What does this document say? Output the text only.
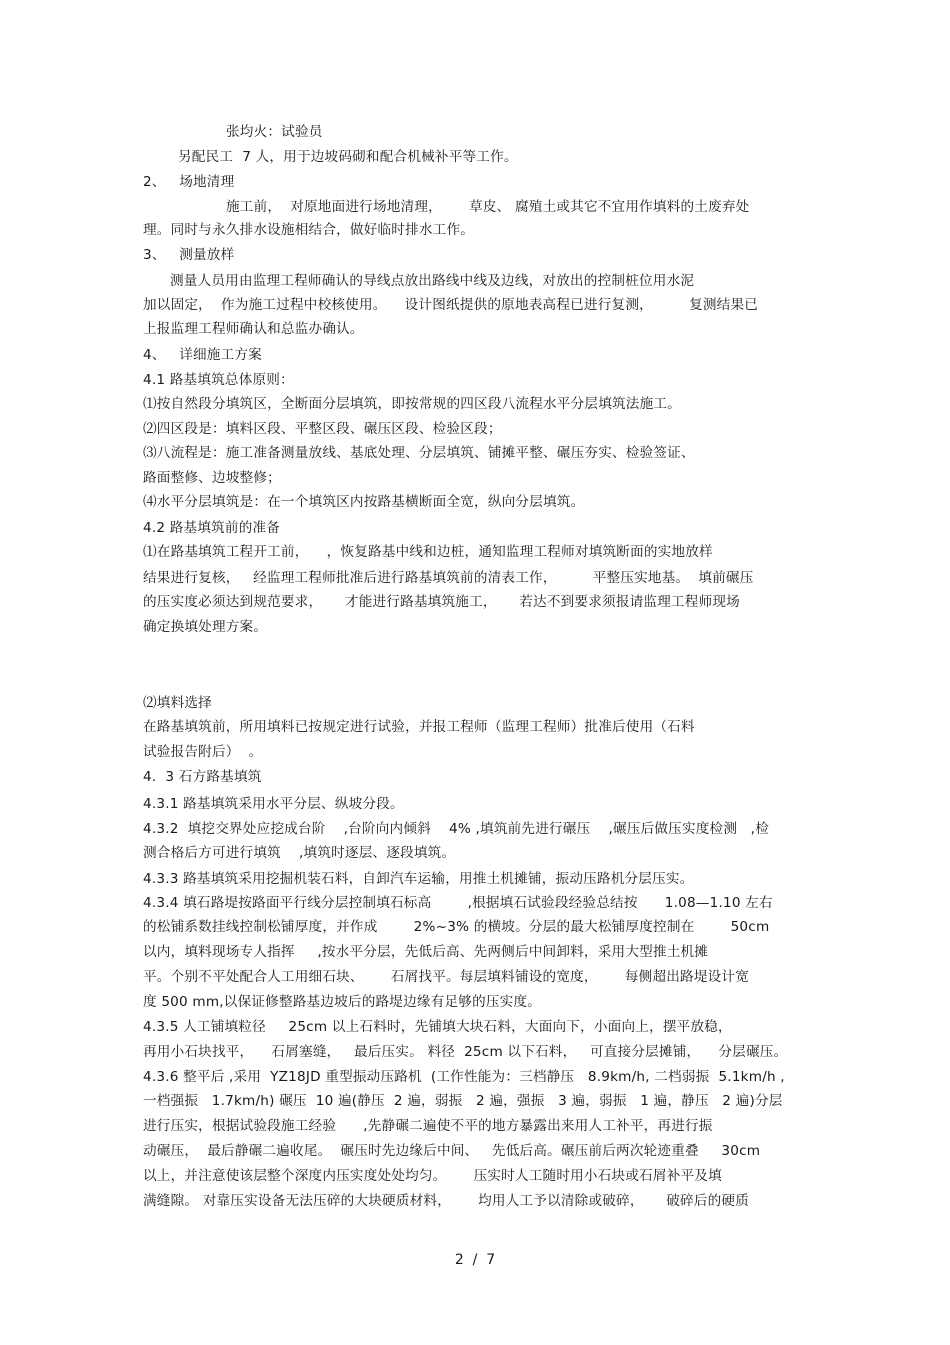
张均火：试验员
另配民工  7 人，用于边坡码砌和配合机械补平等工作。
2、   场地清理
施工前，  对原地面进行场地清理，      草皮、 腐殖土或其它不宜用作填料的土废弃处
理。同时与永久排水设施相结合，做好临时排水工作。
3、   测量放样
测量人员用由监理工程师确认的导线点放出路线中线及边线，对放出的控制桩位用水泥
加以固定，  作为施工过程中校核使用。    设计图纸提供的原地表高程已进行复测，        复测结果已
上报监理工程师确认和总监办确认。
4、   详细施工方案
4.1 路基填筑总体原则：
⑴按自然段分填筑区，全断面分层填筑，即按常规的四区段八流程水平分层填筑法施工。
⑵四区段是：填料区段、平整区段、碾压区段、检验区段；
⑶八流程是：施工准备测量放线、基底处理、分层填筑、铺摊平整、碾压夯实、检验签证、
路面整修、边坡整修；
⑷水平分层填筑是：在一个填筑区内按路基横断面全宽，纵向分层填筑。
4.2 路基填筑前的准备
⑴在路基填筑工程开工前，    ，恢复路基中线和边桩，通知监理工程师对填筑断面的实地放样
结果进行复核，   经监理工程师批准后进行路基填筑前的清表工作，        平整压实地基。  填前碾压
的压实度必须达到规范要求，     才能进行路基填筑施工，     若达不到要求须报请监理工程师现场
确定换填处理方案。
⑵填料选择
在路基填筑前，所用填料已按规定进行试验，并报工程师（监理工程师）批准后使用（石料
试验报告附后）  。
4.  3 石方路基填筑
4.3.1 路基填筑采用水平分层、纵坡分段。
4.3.2  填挖交界处应挖成台阶    ,台阶向内倾斜    4% ,填筑前先进行碾压    ,碾压后做压实度检测   ,检
测合格后方可进行填筑    ,填筑时逐层、逐段填筑。
4.3.3 路基填筑采用挖掘机装石料，自卸汽车运输，用推土机摊铺，振动压路机分层压实。
4.3.4 填石路堤按路面平行线分层控制填石标高        ,根据填石试验段经验总结按      1.08—1.10 左右
的松铺系数挂线控制松铺厚度，并作成        2%~3% 的横坡。分层的最大松铺厚度控制在        50cm
以内，填料现场专人指挥     ,按水平分层，先低后高、先两侧后中间卸料，采用大型推土机摊
平。个别不平处配合人工用细石块、      石屑找平。每层填料铺设的宽度，      每侧超出路堤设计宽
度 500 mm,以保证修整路基边坡后的路堤边缘有足够的压实度。
4.3.5 人工铺填粒径     25cm 以上石料时，先铺填大块石料，大面向下，小面向上，摆平放稳，
再用小石块找平，    石屑塞缝，   最后压实。 料径  25cm 以下石料，   可直接分层摊铺，    分层碾压。
4.3.6 整平后 ,采用  YZ18JD 重型振动压路机  (工作性能为：三档静压   8.9km/h, 二档弱振  5.1km/h ,
一档强振   1.7km/h) 碾压  10 遍(静压  2 遍，弱振   2 遍，强振   3 遍，弱振   1 遍，静压   2 遍)分层
进行压实，根据试验段施工经验      ,先静碾二遍使不平的地方暴露出来用人工补平，再进行振
动碾压，  最后静碾二遍收尾。  碾压时先边缘后中间、   先低后高。碾压前后两次轮迹重叠     30cm
以上，并注意使该层整个深度内压实度处处均匀。      压实时人工随时用小石块或石屑补平及填
满缝隙。 对靠压实设备无法压碎的大块硬质材料，      均用人工予以清除或破碎，     破碎后的硬质
2  /  7
